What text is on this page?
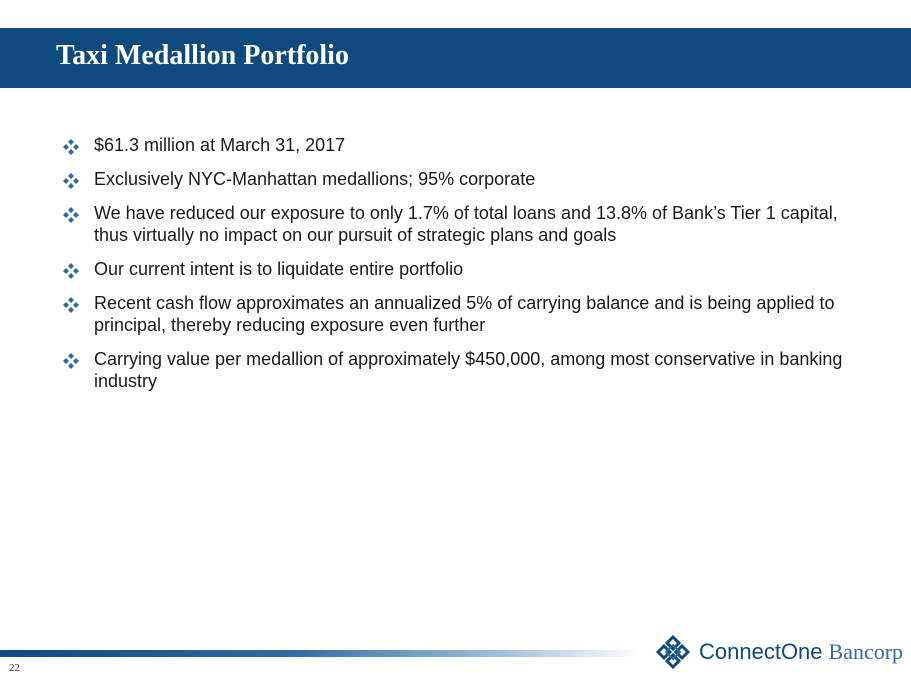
Taxi Medallion Portfolio
$61.3 million at March 31, 2017
Exclusively NYC-Manhattan medallions; 95% corporate
We have reduced our exposure to only 1.7% of total loans and 13.8% of Bank’s Tier 1 capital, thus virtually no impact on our pursuit of strategic plans and goals
Our current intent is to liquidate entire portfolio
Recent cash flow approximates an annualized 5% of carrying balance and is being applied to principal, thereby reducing exposure even further
Carrying value per medallion of approximately $450,000, among most conservative in banking industry
22
ConnectOne Bancorp
